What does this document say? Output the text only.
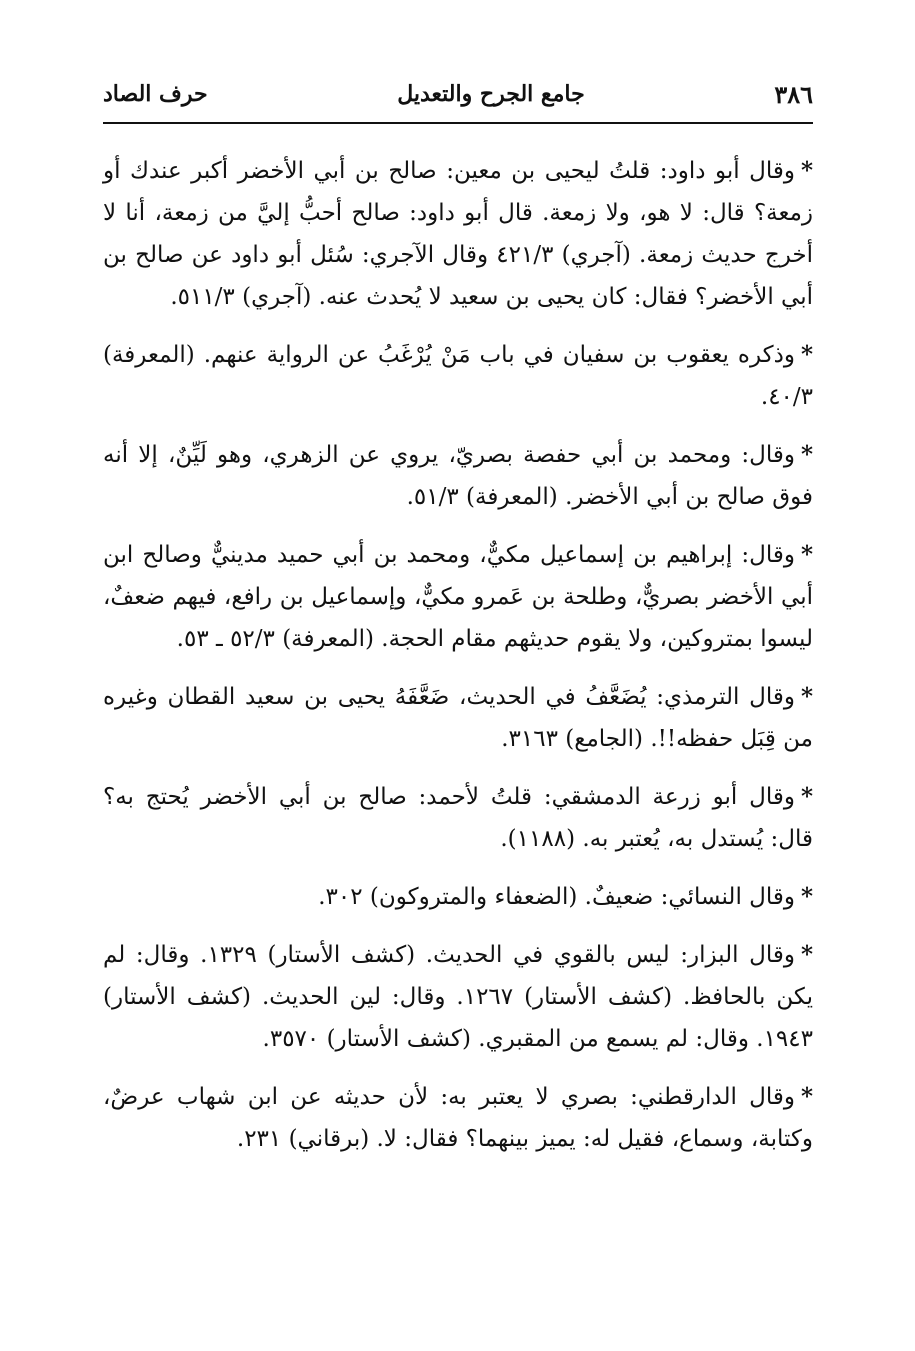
٣٨٦
جامع الجرح والتعديل
حرف الصاد

*وقال أبو داود: قلتُ ليحيى بن معين: صالح بن أبي الأخضر أكبر عندك أو زمعة؟ قال: لا هو، ولا زمعة. قال أبو داود: صالح أحبُّ إليَّ من زمعة، أنا لا أخرج حديث زمعة. (آجري) ٤٢١/٣ وقال الآجري: سُئل أبو داود عن صالح بن أبي الأخضر؟ فقال: كان يحيى بن سعيد لا يُحدث عنه. (آجري) ٥١١/٣.

*وذكره يعقوب بن سفيان في باب مَنْ يُرْغَبُ عن الرواية عنهم. (المعرفة) ٤٠/٣.

*وقال: ومحمد بن أبي حفصة بصريّ، يروي عن الزهري، وهو لَيِّنٌ، إلا أنه فوق صالح بن أبي الأخضر. (المعرفة) ٥١/٣.

*وقال: إبراهيم بن إسماعيل مكيٌّ، ومحمد بن أبي حميد مدينيٌّ وصالح ابن أبي الأخضر بصريٌّ، وطلحة بن عَمرو مكيٌّ، وإسماعيل بن رافع، فيهم ضعفٌ، ليسوا بمتروكين، ولا يقوم حديثهم مقام الحجة. (المعرفة) ٥٢/٣ ـ ٥٣.

*وقال الترمذي: يُضَعَّفُ في الحديث، ضَعَّفَهُ يحيى بن سعيد القطان وغيره من قِبَل حفظه!!. (الجامع) ٣١٦٣.

*وقال أبو زرعة الدمشقي: قلتُ لأحمد: صالح بن أبي الأخضر يُحتج به؟ قال: يُستدل به، يُعتبر به. (١١٨٨).

*وقال النسائي: ضعيفٌ. (الضعفاء والمتروكون) ٣٠٢.

*وقال البزار: ليس بالقوي في الحديث. (كشف الأستار) ١٣٢٩. وقال: لم يكن بالحافظ. (كشف الأستار) ١٢٦٧. وقال: لين الحديث. (كشف الأستار) ١٩٤٣. وقال: لم يسمع من المقبري. (كشف الأستار) ٣٥٧٠.

*وقال الدارقطني: بصري لا يعتبر به: لأن حديثه عن ابن شهاب عرضٌ، وكتابة، وسماع، فقيل له: يميز بينهما؟ فقال: لا. (برقاني) ٢٣١.
